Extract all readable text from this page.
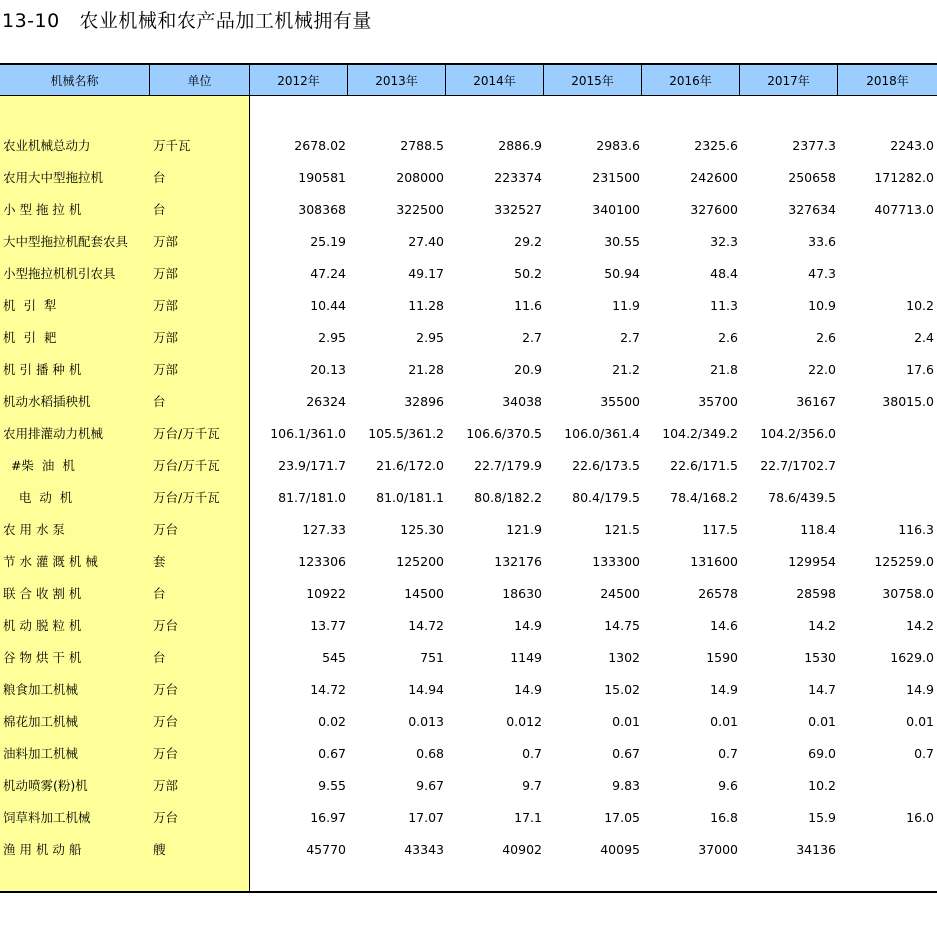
13-10   农业机械和农产品加工机械拥有量
机械名称	单位	2012年	2013年	2014年	2015年	2016年	2017年	2018年
农业机械总动力	万千瓦	2678.02	2788.5	2886.9	2983.6	2325.6	2377.3	2243.0
农用大中型拖拉机	台	190581	208000	223374	231500	242600	250658	171282.0
小 型 拖 拉 机	台	308368	322500	332527	340100	327600	327634	407713.0
大中型拖拉机配套农具	万部	25.19	27.40	29.2	30.55	32.3	33.6
小型拖拉机机引农具	万部	47.24	49.17	50.2	50.94	48.4	47.3
机  引  犁	万部	10.44	11.28	11.6	11.9	11.3	10.9	10.2
机  引  耙	万部	2.95	2.95	2.7	2.7	2.6	2.6	2.4
机 引 播 种 机	万部	20.13	21.28	20.9	21.2	21.8	22.0	17.6
机动水稻插秧机	台	26324	32896	34038	35500	35700	36167	38015.0
农用排灌动力机械	万台/万千瓦	106.1/361.0	105.5/361.2	106.6/370.5	106.0/361.4	104.2/349.2	104.2/356.0
#柴  油  机	万台/万千瓦	23.9/171.7	21.6/172.0	22.7/179.9	22.6/173.5	22.6/171.5	22.7/1702.7
电  动  机	万台/万千瓦	81.7/181.0	81.0/181.1	80.8/182.2	80.4/179.5	78.4/168.2	78.6/439.5
农 用 水 泵	万台	127.33	125.30	121.9	121.5	117.5	118.4	116.3
节 水 灌 溉 机 械	套	123306	125200	132176	133300	131600	129954	125259.0
联 合 收 割 机	台	10922	14500	18630	24500	26578	28598	30758.0
机 动 脱 粒 机	万台	13.77	14.72	14.9	14.75	14.6	14.2	14.2
谷 物 烘 干 机	台	545	751	1149	1302	1590	1530	1629.0
粮食加工机械	万台	14.72	14.94	14.9	15.02	14.9	14.7	14.9
棉花加工机械	万台	0.02	0.013	0.012	0.01	0.01	0.01	0.01
油料加工机械	万台	0.67	0.68	0.7	0.67	0.7	69.0	0.7
机动喷雾(粉)机	万部	9.55	9.67	9.7	9.83	9.6	10.2
饲草料加工机械	万台	16.97	17.07	17.1	17.05	16.8	15.9	16.0
渔 用 机 动 船	艘	45770	43343	40902	40095	37000	34136
